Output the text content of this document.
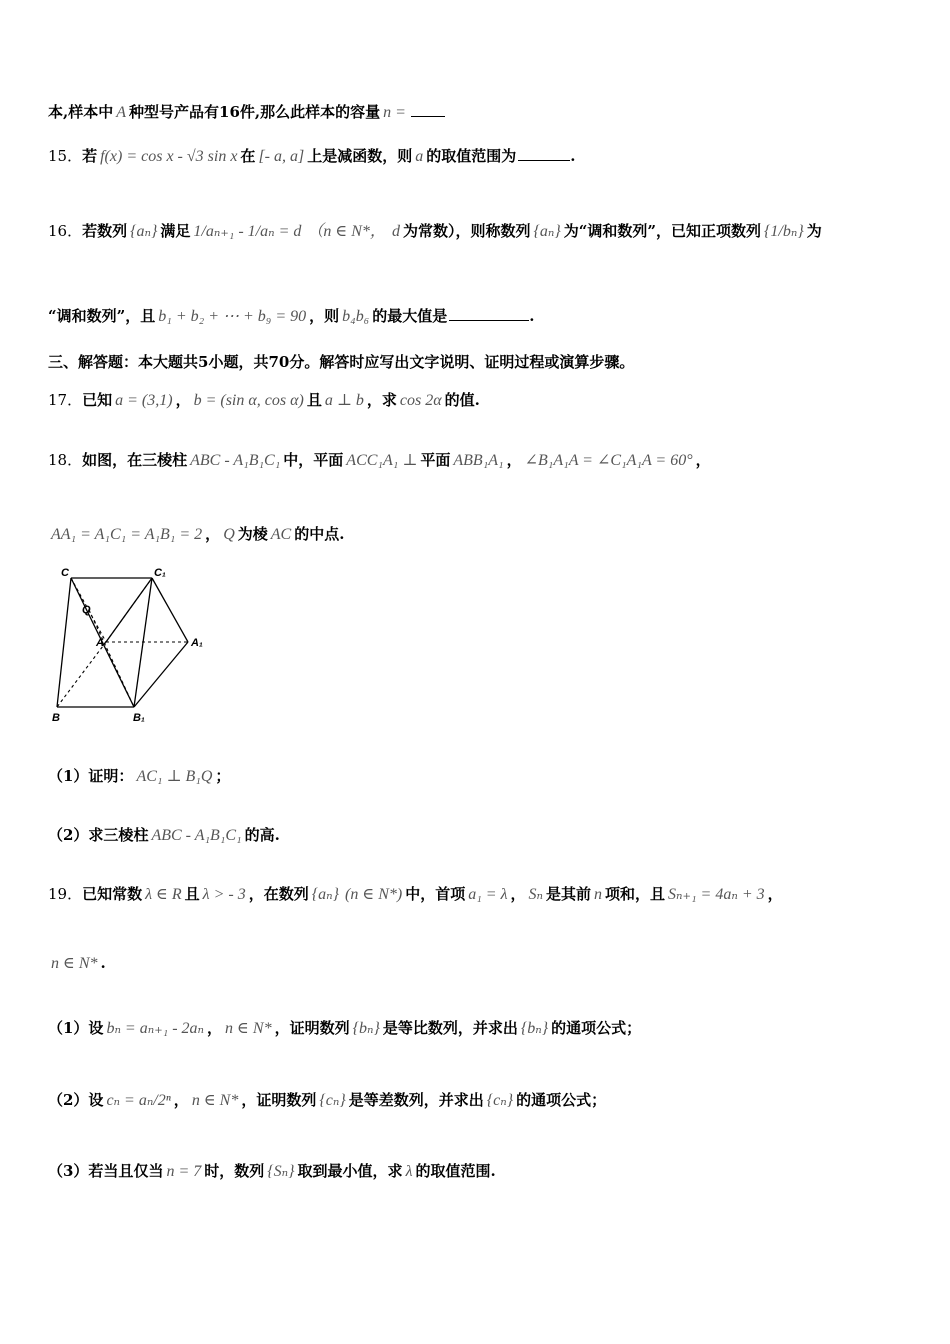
本,样本中 A 种型号产品有16件,那么此样本的容量 n =
15．若 f(x) = cos x - √3 sin x 在 [- a, a] 上是减函数，则 a 的取值范围为	.
16．若数列 {aₙ} 满足 1/aₙ₊₁ - 1/aₙ = d （n ∈ N*， d 为常数），则称数列 {aₙ} 为“调和数列”，已知正项数列 {1/bₙ} 为
“调和数列”，且 b₁ + b₂ + ⋯ + b₉ = 90 ，则 b₄b₆ 的最大值是	.
三、解答题：本大题共5小题，共70分。解答时应写出文字说明、证明过程或演算步骤。
17．已知 a = (3,1) ， b = (sin α, cos α) 且 a ⊥ b ，求 cos 2α 的值.
18．如图，在三棱柱 ABC - A₁B₁C₁ 中，平面 ACC₁A₁ ⊥ 平面 ABB₁A₁ ， ∠B₁A₁A = ∠C₁A₁A = 60° ，
AA₁ = A₁C₁ = A₁B₁ = 2 ， Q 为棱 AC 的中点.
C	C₁
Q
A	A₁
B	B₁
（1）证明： AC₁ ⊥ B₁Q ；
（2）求三棱柱 ABC - A₁B₁C₁ 的高.
19．已知常数 λ ∈ R 且 λ > - 3 ，在数列 {aₙ} (n ∈ N*) 中，首项 a₁ = λ ， Sₙ 是其前 n 项和，且 Sₙ₊₁ = 4aₙ + 3 ，
n ∈ N* .
（1）设 bₙ = aₙ₊₁ - 2aₙ ， n ∈ N* ，证明数列 {bₙ} 是等比数列，并求出 {bₙ} 的通项公式；
（2）设 cₙ = aₙ/2ⁿ ， n ∈ N* ，证明数列 {cₙ} 是等差数列，并求出 {cₙ} 的通项公式；
（3）若当且仅当 n = 7 时，数列 {Sₙ} 取到最小值，求 λ 的取值范围.
